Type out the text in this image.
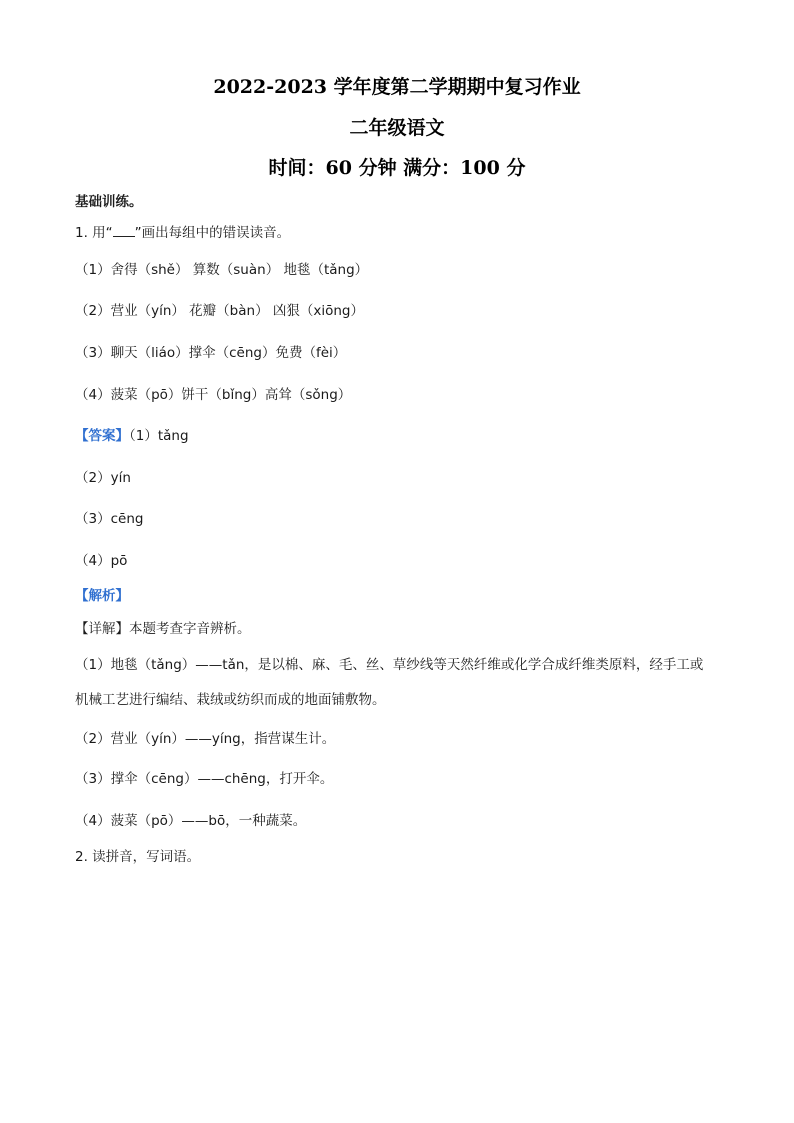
2022-2023 学年度第二学期期中复习作业
二年级语文
时间：60 分钟 满分：100 分
基础训练。
1. 用“ ”画出每组中的错误读音。
（1）舍得（shě） 算数（suàn） 地毯（tǎng）
（2）营业（yín） 花瓣（bàn） 凶狠（xiōng）
（3）聊天（liáo）撑伞（cēng）免费（fèi）
（4）菠菜（pō）饼干（bǐng）高耸（sǒng）
【答案】（1）tǎng
（2）yín
（3）cēng
（4）pō
【解析】
【详解】本题考查字音辨析。
（1）地毯（tǎng）——tǎn，是以棉、麻、毛、丝、草纱线等天然纤维或化学合成纤维类原料，经手工或
机械工艺进行编结、栽绒或纺织而成的地面铺敷物。
（2）营业（yín）——yíng，指营谋生计。
（3）撑伞（cēng）——chēng，打开伞。
（4）菠菜（pō）——bō，一种蔬菜。
2. 读拼音，写词语。
